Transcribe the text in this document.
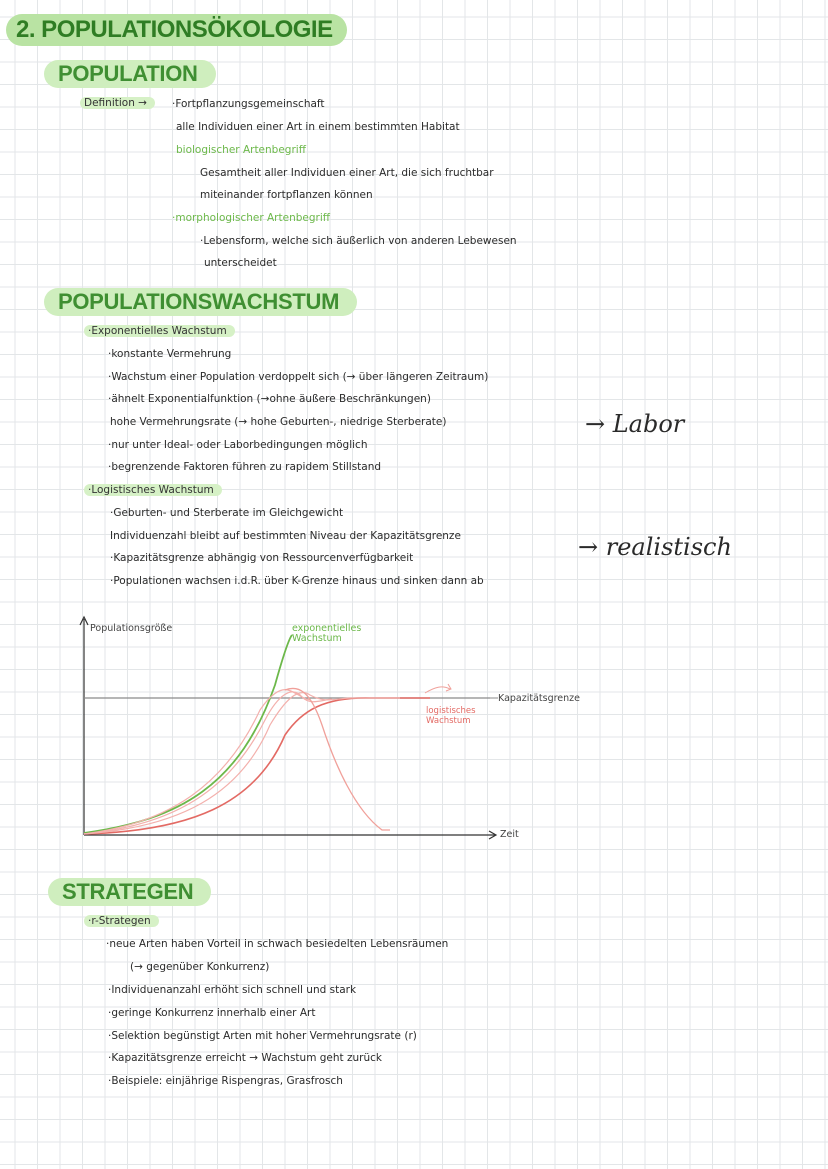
2. POPULATIONSÖKOLOGIE
POPULATION
Definition →	·Fortpflanzungsgemeinschaft
alle Individuen einer Art in einem bestimmten Habitat
biologischer Artenbegriff
Gesamtheit aller Individuen einer Art, die sich fruchtbar
miteinander fortpflanzen können
·morphologischer Artenbegriff
·Lebensform, welche sich äußerlich von anderen Lebewesen
unterscheidet
POPULATIONSWACHSTUM
·Exponentielles Wachstum
·konstante Vermehrung
·Wachstum einer Population verdoppelt sich (→ über längeren Zeitraum)
·ähnelt Exponentialfunktion (→ohne äußere Beschränkungen)
hohe Vermehrungsrate (→ hohe Geburten-, niedrige Sterberate)
·nur unter Ideal- oder Laborbedingungen möglich
·begrenzende Faktoren führen zu rapidem Stillstand
→ Labor
·Logistisches Wachstum
·Geburten- und Sterberate im Gleichgewicht
Individuenzahl bleibt auf bestimmten Niveau der Kapazitätsgrenze
·Kapazitätsgrenze abhängig von Ressourcenverfügbarkeit
·Populationen wachsen i.d.R. über K-Grenze hinaus und sinken dann ab
→ realistisch
Populationsgröße
Zeit
exponentielles
Wachstum
logistisches
Wachstum
Kapazitätsgrenze
STRATEGEN
·r-Strategen
·neue Arten haben Vorteil in schwach besiedelten Lebensräumen
(→ gegenüber Konkurrenz)
·Individuenanzahl erhöht sich schnell und stark
·geringe Konkurrenz innerhalb einer Art
·Selektion begünstigt Arten mit hoher Vermehrungsrate (r)
·Kapazitätsgrenze erreicht → Wachstum geht zurück
·Beispiele: einjährige Rispengras, Grasfrosch
